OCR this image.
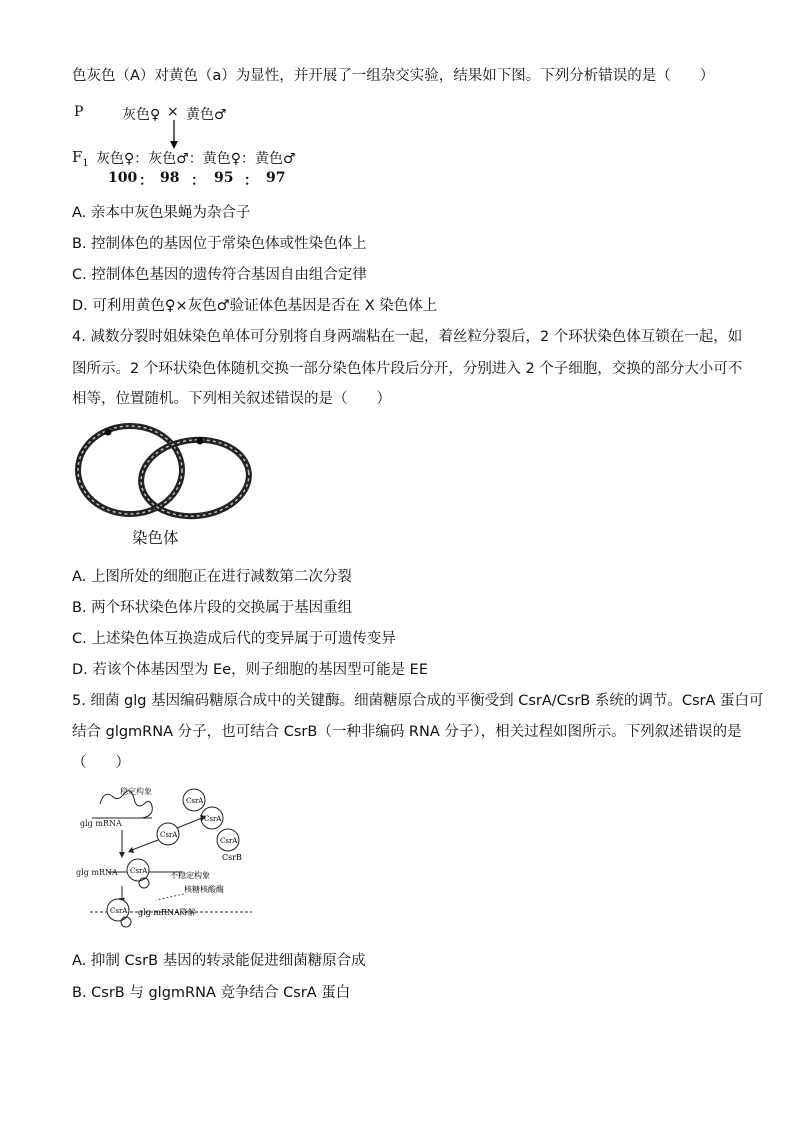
色灰色（A）对黄色（a）为显性，并开展了一组杂交实验，结果如下图。下列分析错误的是（　　）
P	灰色♀ × 黄色♂
$F_1$ 灰色♀：灰色♂：黄色♀：黄色♂
100 ： 98 ： 95 ： 97
A. 亲本中灰色果蝇为杂合子
B. 控制体色的基因位于常染色体或性染色体上
C. 控制体色基因的遗传符合基因自由组合定律
D. 可利用黄色♀×灰色♂验证体色基因是否在 X 染色体上
4. 减数分裂时姐妹染色单体可分别将自身两端粘在一起，着丝粒分裂后，2 个环状染色体互锁在一起，如
图所示。2 个环状染色体随机交换一部分染色体片段后分开，分别进入 2 个子细胞，交换的部分大小可不
相等，位置随机。下列相关叙述错误的是（　　）
染色体
A. 上图所处的细胞正在进行减数第二次分裂
B. 两个环状染色体片段的交换属于基因重组
C. 上述染色体互换造成后代的变异属于可遗传变异
D. 若该个体基因型为 Ee，则子细胞的基因型可能是 EE
5. 细菌 glg 基因编码糖原合成中的关键酶。细菌糖原合成的平衡受到 CsrA/CsrB 系统的调节。CsrA 蛋白可
结合 glgmRNA 分子，也可结合 CsrB（一种非编码 RNA 分子），相关过程如图所示。下列叙述错误的是
（　　）
稳定构象
glg mRNA
CsrA
CsrA
CsrA
CsrA
CsrB
glg mRNA CsrA	不稳定构象
核糖核酸酶
CsrA glg mRNA降解
A. 抑制 CsrB 基因的转录能促进细菌糖原合成
B. CsrB 与 glgmRNA 竞争结合 CsrA 蛋白
